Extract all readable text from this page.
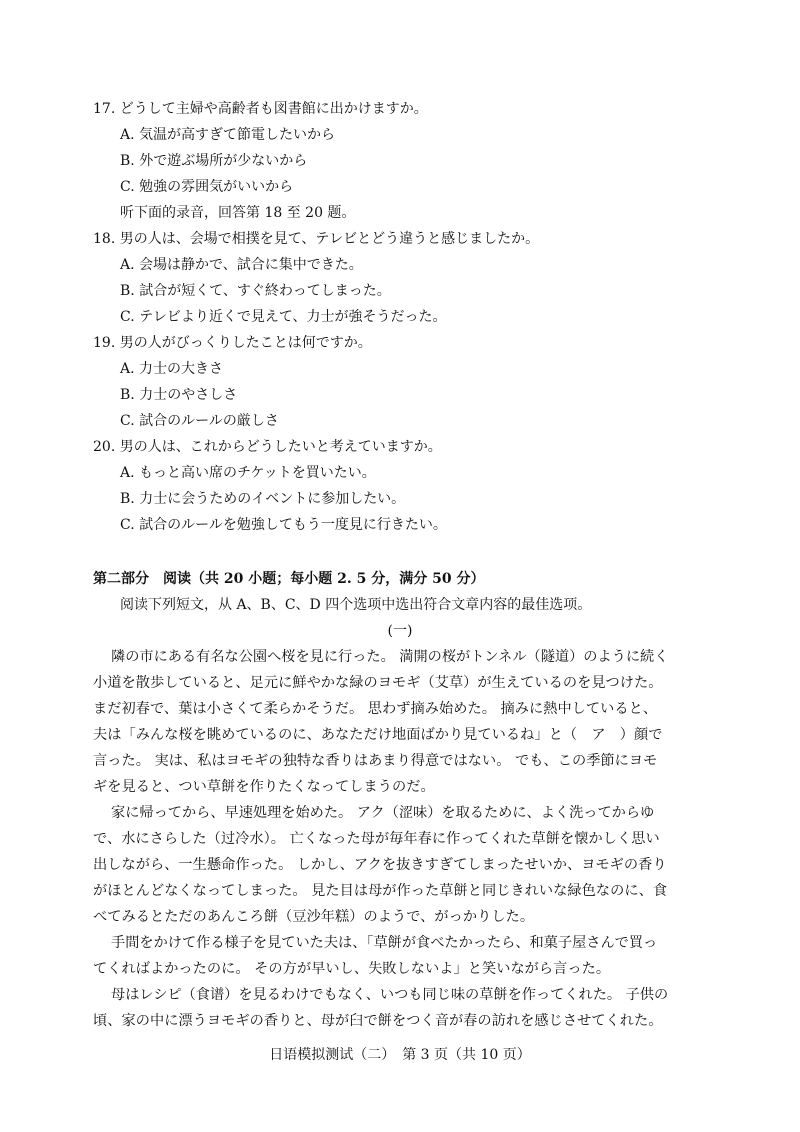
17. どうして主婦や高齢者も図書館に出かけますか。
A. 気温が高すぎて節電したいから
B. 外で遊ぶ場所が少ないから
C. 勉強の雰囲気がいいから
听下面的录音，回答第 18 至 20 题。
18. 男の人は、会場で相撲を見て、テレビとどう違うと感じましたか。
A. 会場は静かで、試合に集中できた。
B. 試合が短くて、すぐ終わってしまった。
C. テレビより近くで見えて、力士が強そうだった。
19. 男の人がびっくりしたことは何ですか。
A. 力士の大きさ
B. 力士のやさしさ
C. 試合のルールの厳しさ
20. 男の人は、これからどうしたいと考えていますか。
A. もっと高い席のチケットを買いたい。
B. 力士に会うためのイベントに参加したい。
C. 試合のルールを勉強してもう一度見に行きたい。
第二部分　阅读（共 20 小题；每小题 2. 5 分，满分 50 分）
阅读下列短文，从 A、B、C、D 四个选项中选出符合文章内容的最佳选项。
(一)
隣の市にある有名な公園へ桜を見に行った。 満開の桜がトンネル（隧道）のように続く
小道を散歩していると、足元に鮮やかな緑のヨモギ（艾草）が生えているのを見つけた。
まだ初春で、葉は小さくて柔らかそうだ。 思わず摘み始めた。 摘みに熱中していると、
夫は「みんな桜を眺めているのに、あなただけ地面ばかり見ているね」と（　ア　）顔で
言った。 実は、私はヨモギの独特な香りはあまり得意ではない。 でも、この季節にヨモ
ギを見ると、つい草餅を作りたくなってしまうのだ。
家に帰ってから、早速処理を始めた。 アク（涩味）を取るために、よく洗ってからゆ
で、水にさらした（过冷水）。 亡くなった母が毎年春に作ってくれた草餅を懐かしく思い
出しながら、一生懸命作った。 しかし、アクを抜きすぎてしまったせいか、ヨモギの香り
がほとんどなくなってしまった。 見た目は母が作った草餅と同じきれいな緑色なのに、食
べてみるとただのあんころ餅（豆沙年糕）のようで、がっかりした。
手間をかけて作る様子を見ていた夫は、「草餅が食べたかったら、和菓子屋さんで買っ
てくればよかったのに。 その方が早いし、失敗しないよ」と笑いながら言った。
母はレシピ（食谱）を見るわけでもなく、いつも同じ味の草餅を作ってくれた。 子供の
頃、家の中に漂うヨモギの香りと、母が臼で餅をつく音が春の訪れを感じさせてくれた。
日语模拟测试（二）　第 3 页（共 10 页）
